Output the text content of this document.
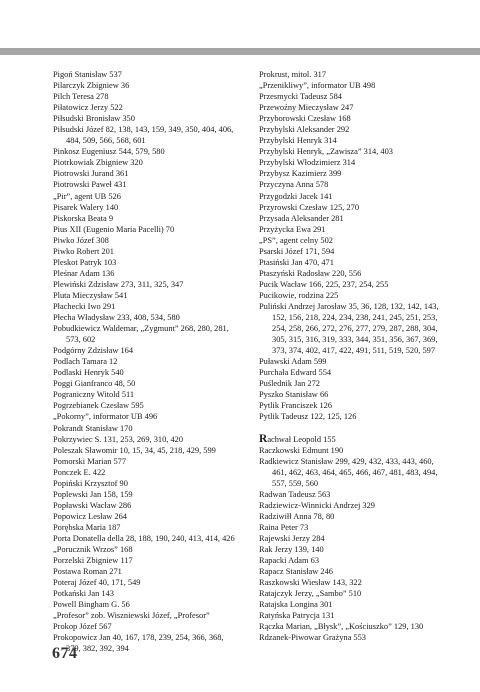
Pigoń Stanisław 537
Pilarczyk Zbigniew 36
Pilch Teresa 278
Piłatowicz Jerzy 522
Piłsudski Bronisław 350
Piłsudski Józef 82, 138, 143, 159, 349, 350, 404, 406, 484, 509, 566, 568, 601
Pinkosz Eugeniusz 544, 579, 580
Piotrkowiak Zbigniew 320
Piotrowski Jurand 361
Piotrowski Paweł 431
„Pir”, agent UB 526
Pisarek Walery 140
Piskorska Beata 9
Pius XII (Eugenio Maria Pacelli) 70
Piwko Józef 308
Piwko Robert 201
Pleskot Patryk 103
Pleśnar Adam 136
Plewiński Zdzisław 273, 311, 325, 347
Pluta Mieczysław 541
Płachecki Iwo 291
Płecha Władysław 233, 408, 534, 580
Pobudkiewicz Waldemar, „Zygmunt” 268, 280, 281, 573, 602
Podgórny Zdzisław 164
Podlach Tamara 12
Podlaski Henryk 540
Poggi Gianfranco 48, 50
Pograniczny Witold 511
Pogrzebianek Czesław 595
„Pokorny”, informator UB 496
Pokrandt Stanisław 170
Pokrzywiec S. 131, 253, 269, 310, 420
Poleszak Sławomir 10, 15, 34, 45, 218, 429, 599
Pomorski Marian 577
Ponczek E. 422
Popiński Krzysztof 90
Poplewski Jan 158, 159
Popławski Wacław 286
Popowicz Lesław 264
Porębska Maria 187
Porta Donatella della 28, 188, 190, 240, 413, 414, 426
„Porucznik Wrzos” 168
Porzelski Zbigniew 117
Postawa Roman 271
Poteraj Józef 40, 171, 549
Potkański Jan 143
Powell Bingham G. 56
„Profesor” zob. Wiszniewski Józef, „Profesor”
Prokop Józef 567
Prokopowicz Jan 40, 167, 178, 239, 254, 366, 368, 379, 382, 392, 394
Prokrust, mitol. 317
„Przenikliwy”, informator UB 498
Przesmycki Tadeusz 584
Przewoźny Mieczysław 247
Przyborowski Czesław 168
Przybylski Aleksander 292
Przybylski Henryk 314
Przybylski Henryk, „Zawisza” 314, 403
Przybylski Włodzimierz 314
Przybysz Kazimierz 399
Przyczyna Anna 578
Przygodzki Jacek 141
Przyrowski Czesław 125, 270
Przysada Aleksander 281
Przyżycka Ewa 291
„PS”, agent celny 502
Psarski Józef 171, 594
Ptasiński Jan 470, 471
Ptaszyński Radosław 220, 556
Pucik Wacław 166, 225, 237, 254, 255
Pucikowie, rodzina 225
Puliński Andrzej Jarosław 35, 36, 128, 132, 142, 143, 152, 156, 218, 224, 234, 238, 241, 245, 251, 253, 254, 258, 266, 272, 276, 277, 279, 287, 288, 304, 305, 315, 316, 319, 333, 344, 351, 356, 367, 369, 373, 374, 402, 417, 422, 491, 511, 519, 520, 597
Puławski Adam 599
Purchała Edward 554
Puślednik Jan 272
Pyszko Stanisław 66
Pytlik Franciszek 126
Pytlik Tadeusz 122, 125, 126
Rachwał Leopold 155
Raczkowski Edmunt 190
Radkiewicz Stanisław 299, 429, 432, 433, 443, 460, 461, 462, 463, 464, 465, 466, 467, 481, 483, 494, 557, 559, 560
Radwan Tadeusz 563
Radziewicz-Winnicki Andrzej 329
Radziwiłł Anna 78, 80
Raina Peter 73
Rajewski Jerzy 284
Rak Jerzy 139, 140
Rapacki Adam 63
Rapacz Stanisław 246
Raszkowski Wiesław 143, 322
Ratajczyk Jerzy, „Sambo” 510
Ratajska Longina 301
Ratyńska Patrycja 131
Rączka Marian, „Błysk”, „Kościuszko” 129, 130
Rdzanek-Piwowar Grażyna 553
674
